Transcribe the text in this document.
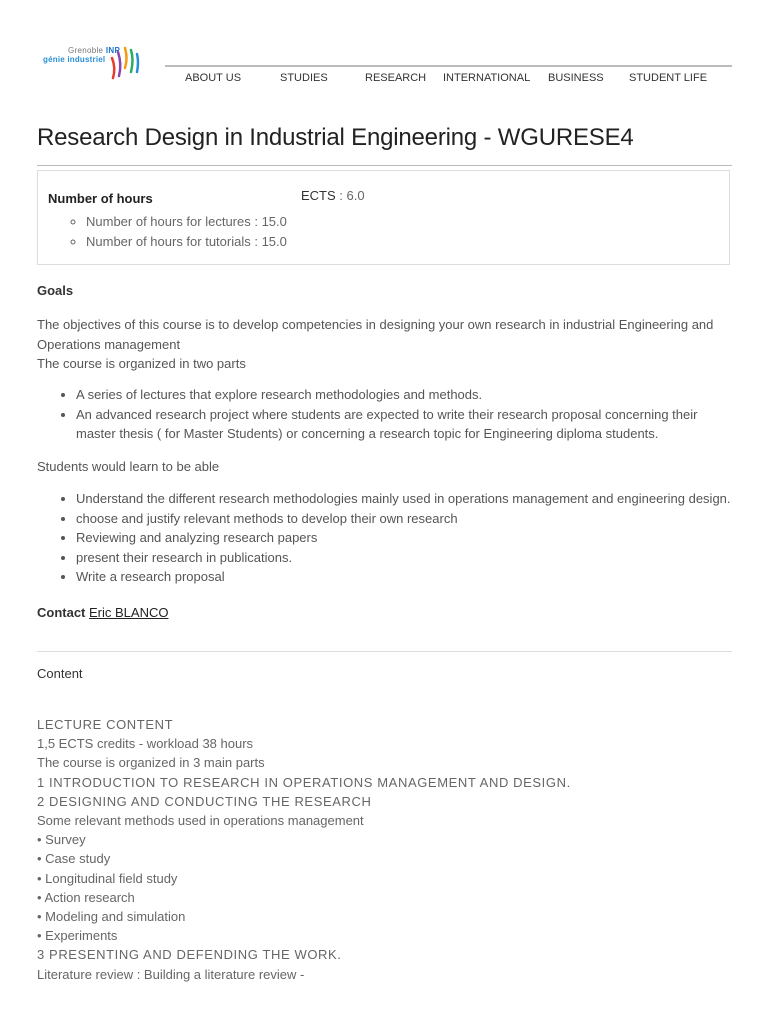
Grenoble INP
génie industriel
ABOUT US	STUDIES	RESEARCH INTERNATIONAL BUSINESS STUDENT LIFE
Research Design in Industrial Engineering - WGURESE4
Number of hours	ECTS : 6.0
◦ Number of hours for lectures : 15.0
◦ Number of hours for tutorials : 15.0
Goals

The objectives of this course is to develop competencies in designing your own research in industrial Engineering and Operations management
The course is organized in two parts

• A series of lectures that explore research methodologies and methods.
• An advanced research project where students are expected to write their research proposal concerning their master thesis ( for Master Students) or concerning a research topic for Engineering diploma students.

Students would learn to be able

• Understand the different research methodologies mainly used in operations management and engineering design.
• choose and justify relevant methods to develop their own research
• Reviewing and analyzing research papers
• present their research in publications.
• Write a research proposal
Contact Eric BLANCO
Content
LECTURE CONTENT
1,5 ECTS credits - workload 38 hours
The course is organized in 3 main parts
1 INTRODUCTION TO RESEARCH IN OPERATIONS MANAGEMENT AND DESIGN.
2 DESIGNING AND CONDUCTING THE RESEARCH
Some relevant methods used in operations management
• Survey
• Case study
• Longitudinal field study
• Action research
• Modeling and simulation
• Experiments
3 PRESENTING AND DEFENDING THE WORK.
Literature review : Building a literature review -
